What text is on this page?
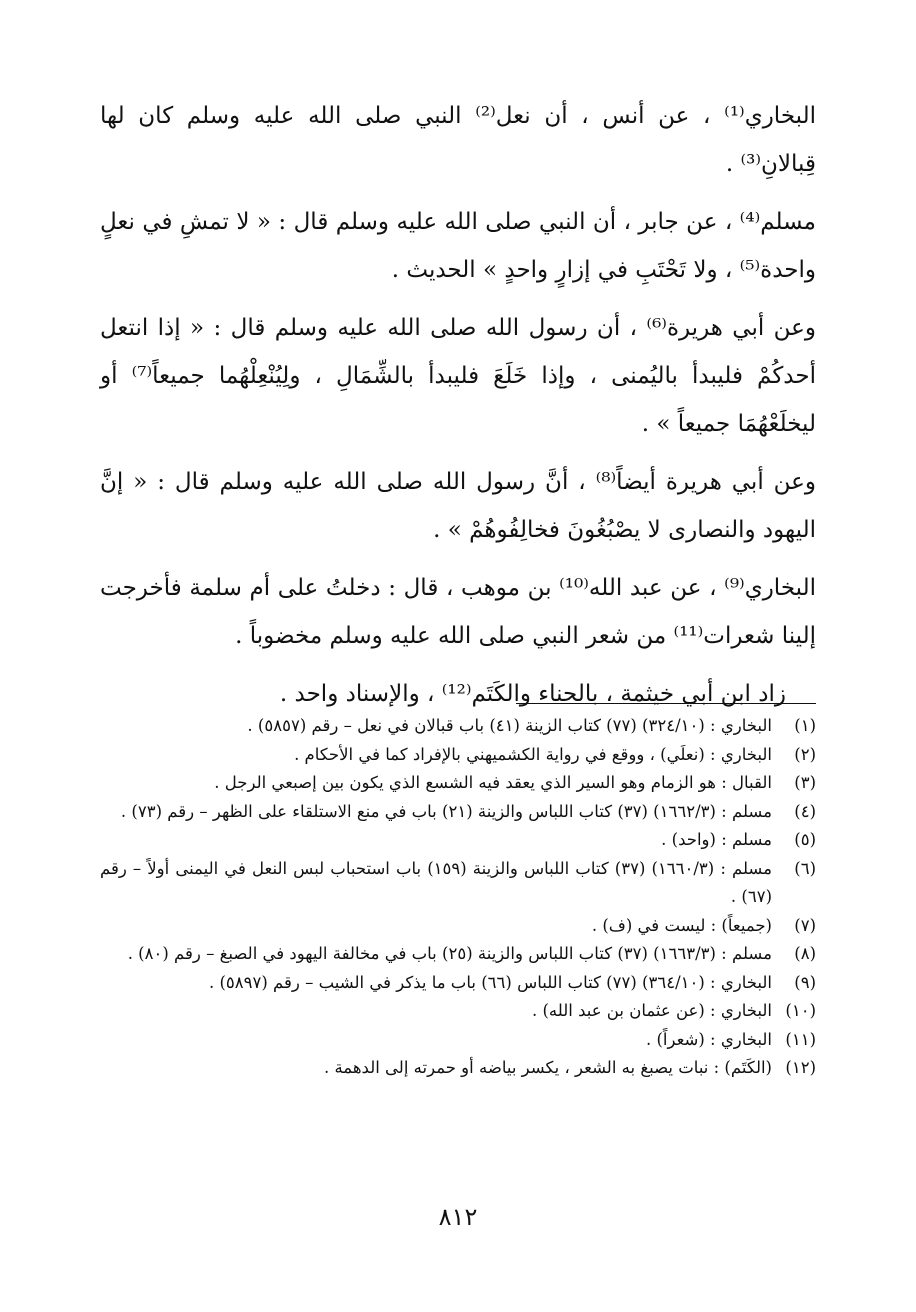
البخاري⁽¹⁾ ، عن أنس ، أن نعل⁽²⁾ النبي صلى الله عليه وسلم كان لها قِبالانِ⁽³⁾ .

مسلم⁽⁴⁾ ، عن جابر ، أن النبي صلى الله عليه وسلم قال : « لا تمشِ في نعلٍ واحدة⁽⁵⁾ ، ولا تَحْتَبِ في إزارٍ واحدٍ » الحديث .

وعن أبي هريرة⁽⁶⁾ ، أن رسول الله صلى الله عليه وسلم قال : « إذا انتعل أحدكُمْ فليبدأ باليُمنى ، وإذا خَلَعَ فليبدأ بالشِّمَالِ ، ولِيُنْعِلْهُما جميعاً⁽⁷⁾ أو ليخلَعْهُمَا جميعاً » .

وعن أبي هريرة أيضاً⁽⁸⁾ ، أنَّ رسول الله صلى الله عليه وسلم قال : « إنَّ اليهود والنصارى لا يصْبُغُونَ فخالِفُوهُمْ » .

البخاري⁽⁹⁾ ، عن عبد الله⁽¹⁰⁾ بن موهب ، قال : دخلتُ على أم سلمة فأخرجت إلينا شعرات⁽¹¹⁾ من شعر النبي صلى الله عليه وسلم مخضوباً .

زاد ابن أبي خيثمة ، بالحناء والكَتَم⁽¹²⁾ ، والإسناد واحد .

(١)
البخاري : (٣٢٤/١٠) (٧٧) كتاب الزينة (٤١) باب قبالان في نعل – رقم (٥٨٥٧) .
(٢)
البخاري : (نعلَي) ، ووقع في رواية الكشميهني بالإفراد كما في الأحكام .
(٣)
القبال : هو الزمام وهو السير الذي يعقد فيه الشسع الذي يكون بين إصبعي الرجل .
(٤)
مسلم : (١٦٦٢/٣) (٣٧) كتاب اللباس والزينة (٢١) باب في منع الاستلقاء على الظهر – رقم (٧٣) .
(٥)
مسلم : (واحد) .
(٦)
مسلم : (١٦٦٠/٣) (٣٧) كتاب اللباس والزينة (١٥٩) باب استحباب لبس النعل في اليمنى أولاً – رقم (٦٧) .
(٧)
(جميعاً) : ليست في (ف) .
(٨)
مسلم : (١٦٦٣/٣) (٣٧) كتاب اللباس والزينة (٢٥) باب في مخالفة اليهود في الصبغ – رقم (٨٠) .
(٩)
البخاري : (٣٦٤/١٠) (٧٧) كتاب اللباس (٦٦) باب ما يذكر في الشيب – رقم (٥٨٩٧) .
(١٠)
البخاري : (عن عثمان بن عبد الله) .
(١١)
البخاري : (شعراً) .
(١٢)
(الكَتَم) : نبات يصبغ به الشعر ، يكسر بياضه أو حمرته إلى الدهمة .
٨١٢
